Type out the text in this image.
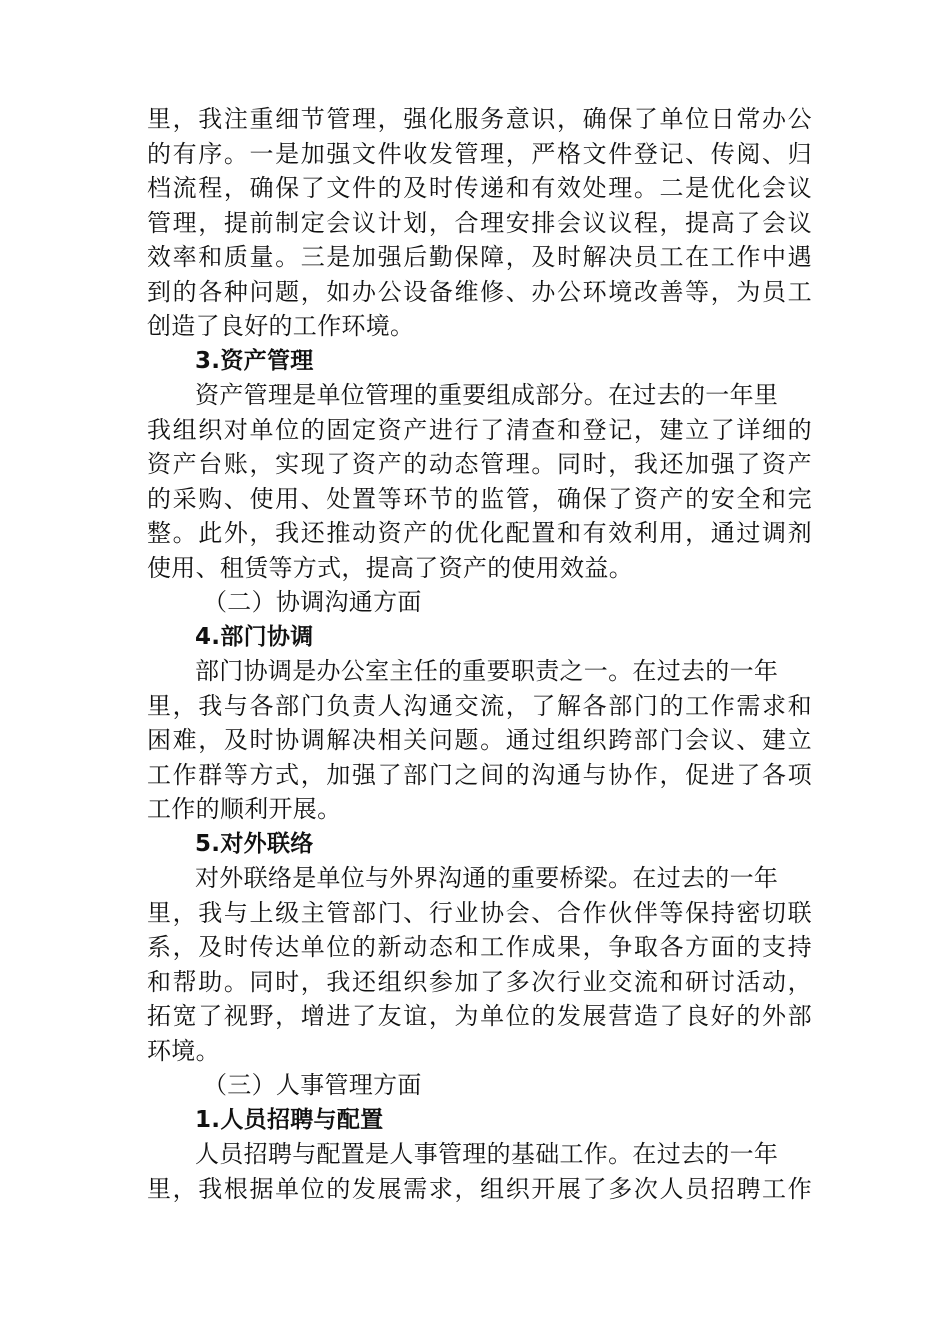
里，我注重细节管理，强化服务意识，确保了单位日常办公
的有序。一是加强文件收发管理，严格文件登记、传阅、归
档流程，确保了文件的及时传递和有效处理。二是优化会议
管理，提前制定会议计划，合理安排会议议程，提高了会议
效率和质量。三是加强后勤保障，及时解决员工在工作中遇
到的各种问题，如办公设备维修、办公环境改善等，为员工
创造了良好的工作环境。
3.资产管理
资产管理是单位管理的重要组成部分。在过去的一年里
我组织对单位的固定资产进行了清查和登记，建立了详细的
资产台账，实现了资产的动态管理。同时，我还加强了资产
的采购、使用、处置等环节的监管，确保了资产的安全和完
整。此外，我还推动资产的优化配置和有效利用，通过调剂
使用、租赁等方式，提高了资产的使用效益。
（二）协调沟通方面
4.部门协调
部门协调是办公室主任的重要职责之一。在过去的一年
里，我与各部门负责人沟通交流，了解各部门的工作需求和
困难，及时协调解决相关问题。通过组织跨部门会议、建立
工作群等方式，加强了部门之间的沟通与协作，促进了各项
工作的顺利开展。
5.对外联络
对外联络是单位与外界沟通的重要桥梁。在过去的一年
里，我与上级主管部门、行业协会、合作伙伴等保持密切联
系，及时传达单位的新动态和工作成果，争取各方面的支持
和帮助。同时，我还组织参加了多次行业交流和研讨活动，
拓宽了视野，增进了友谊，为单位的发展营造了良好的外部
环境。
（三）人事管理方面
1.人员招聘与配置
人员招聘与配置是人事管理的基础工作。在过去的一年
里，我根据单位的发展需求，组织开展了多次人员招聘工作
